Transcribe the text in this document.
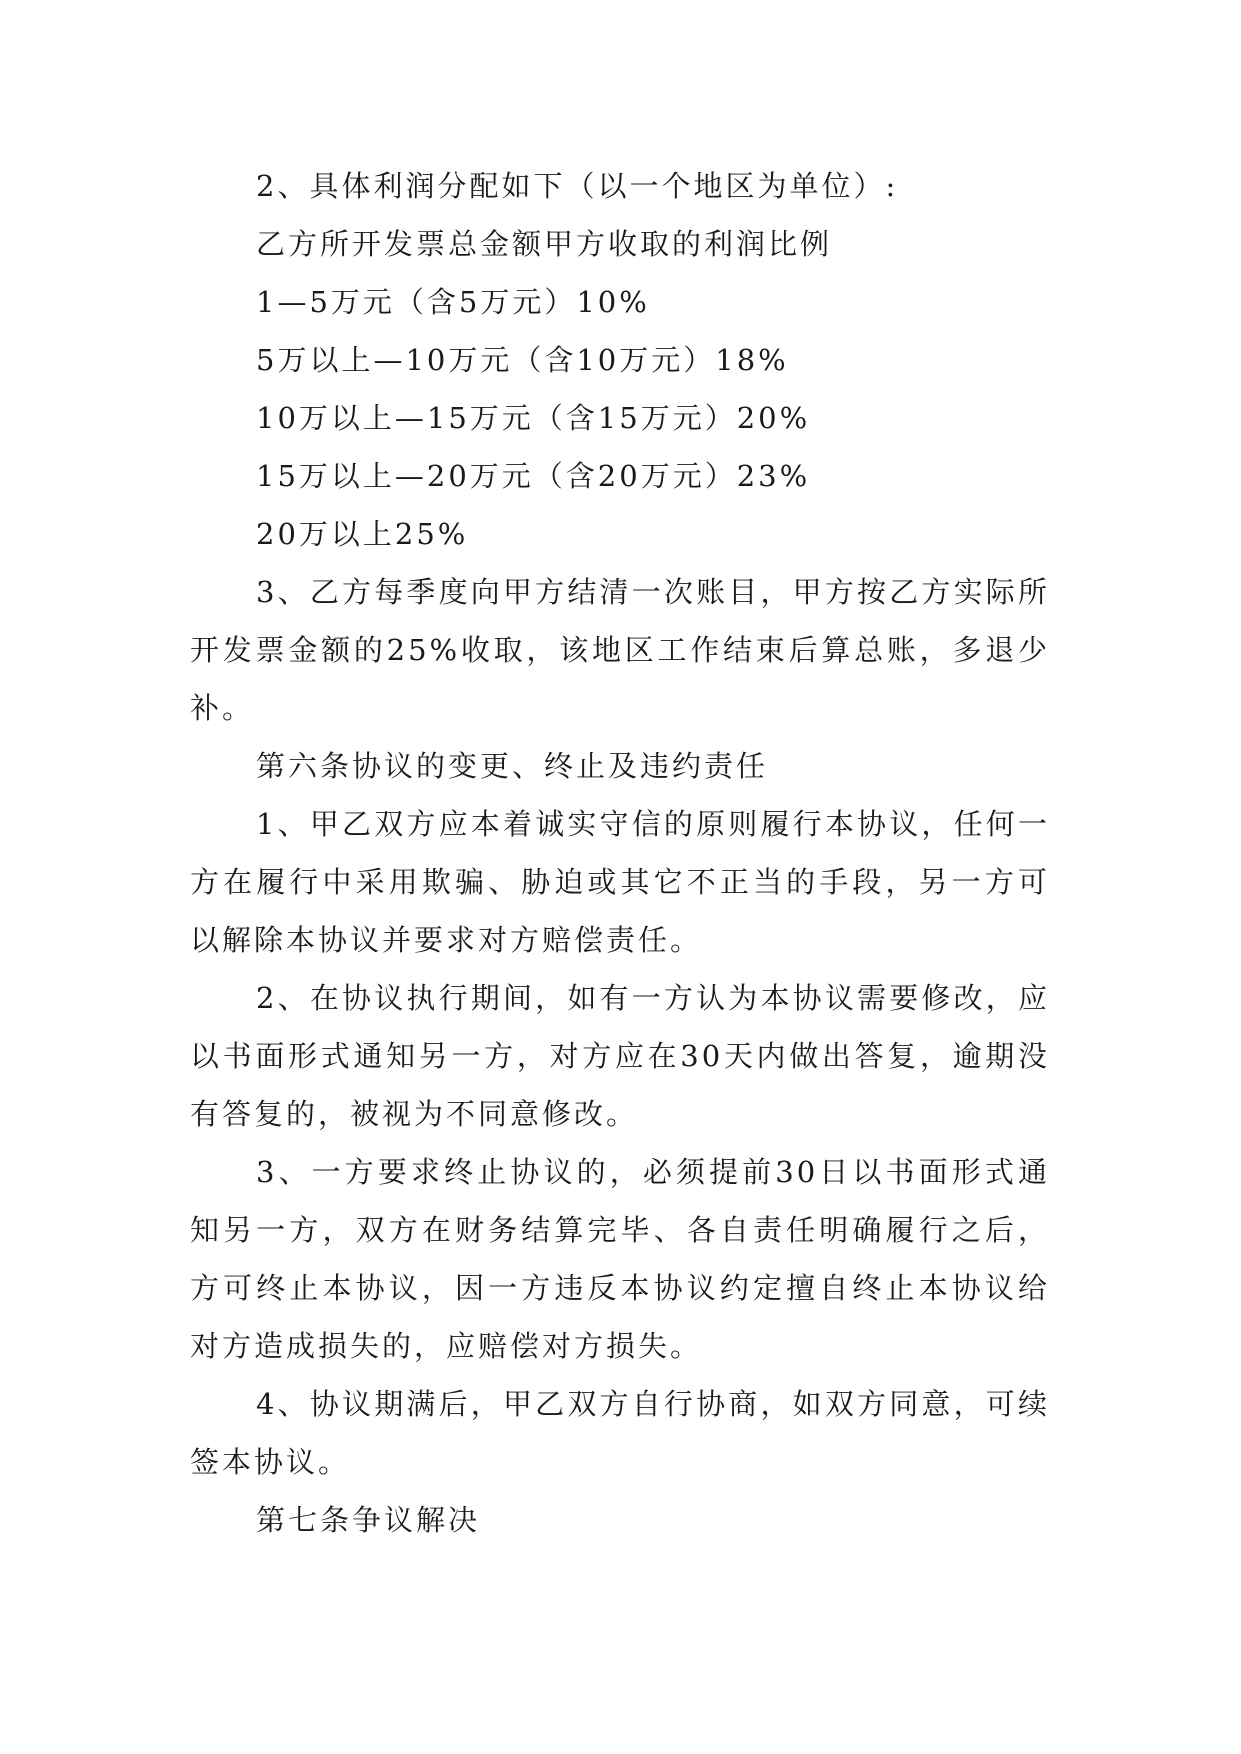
2、具体利润分配如下（以一个地区为单位）:

乙方所开发票总金额甲方收取的利润比例

1—5万元（含5万元）10%

5万以上—10万元（含10万元）18%

10万以上—15万元（含15万元）20%

15万以上—20万元（含20万元）23%

20万以上25%

3、乙方每季度向甲方结清一次账目，甲方按乙方实际所开发票金额的25%收取，该地区工作结束后算总账，多退少补。

第六条协议的变更、终止及违约责任

1、甲乙双方应本着诚实守信的原则履行本协议，任何一方在履行中采用欺骗、胁迫或其它不正当的手段，另一方可以解除本协议并要求对方赔偿责任。

2、在协议执行期间，如有一方认为本协议需要修改，应以书面形式通知另一方，对方应在30天内做出答复，逾期没有答复的，被视为不同意修改。

3、一方要求终止协议的，必须提前30日以书面形式通知另一方，双方在财务结算完毕、各自责任明确履行之后，方可终止本协议，因一方违反本协议约定擅自终止本协议给对方造成损失的，应赔偿对方损失。

4、协议期满后，甲乙双方自行协商，如双方同意，可续签本协议。

第七条争议解决
